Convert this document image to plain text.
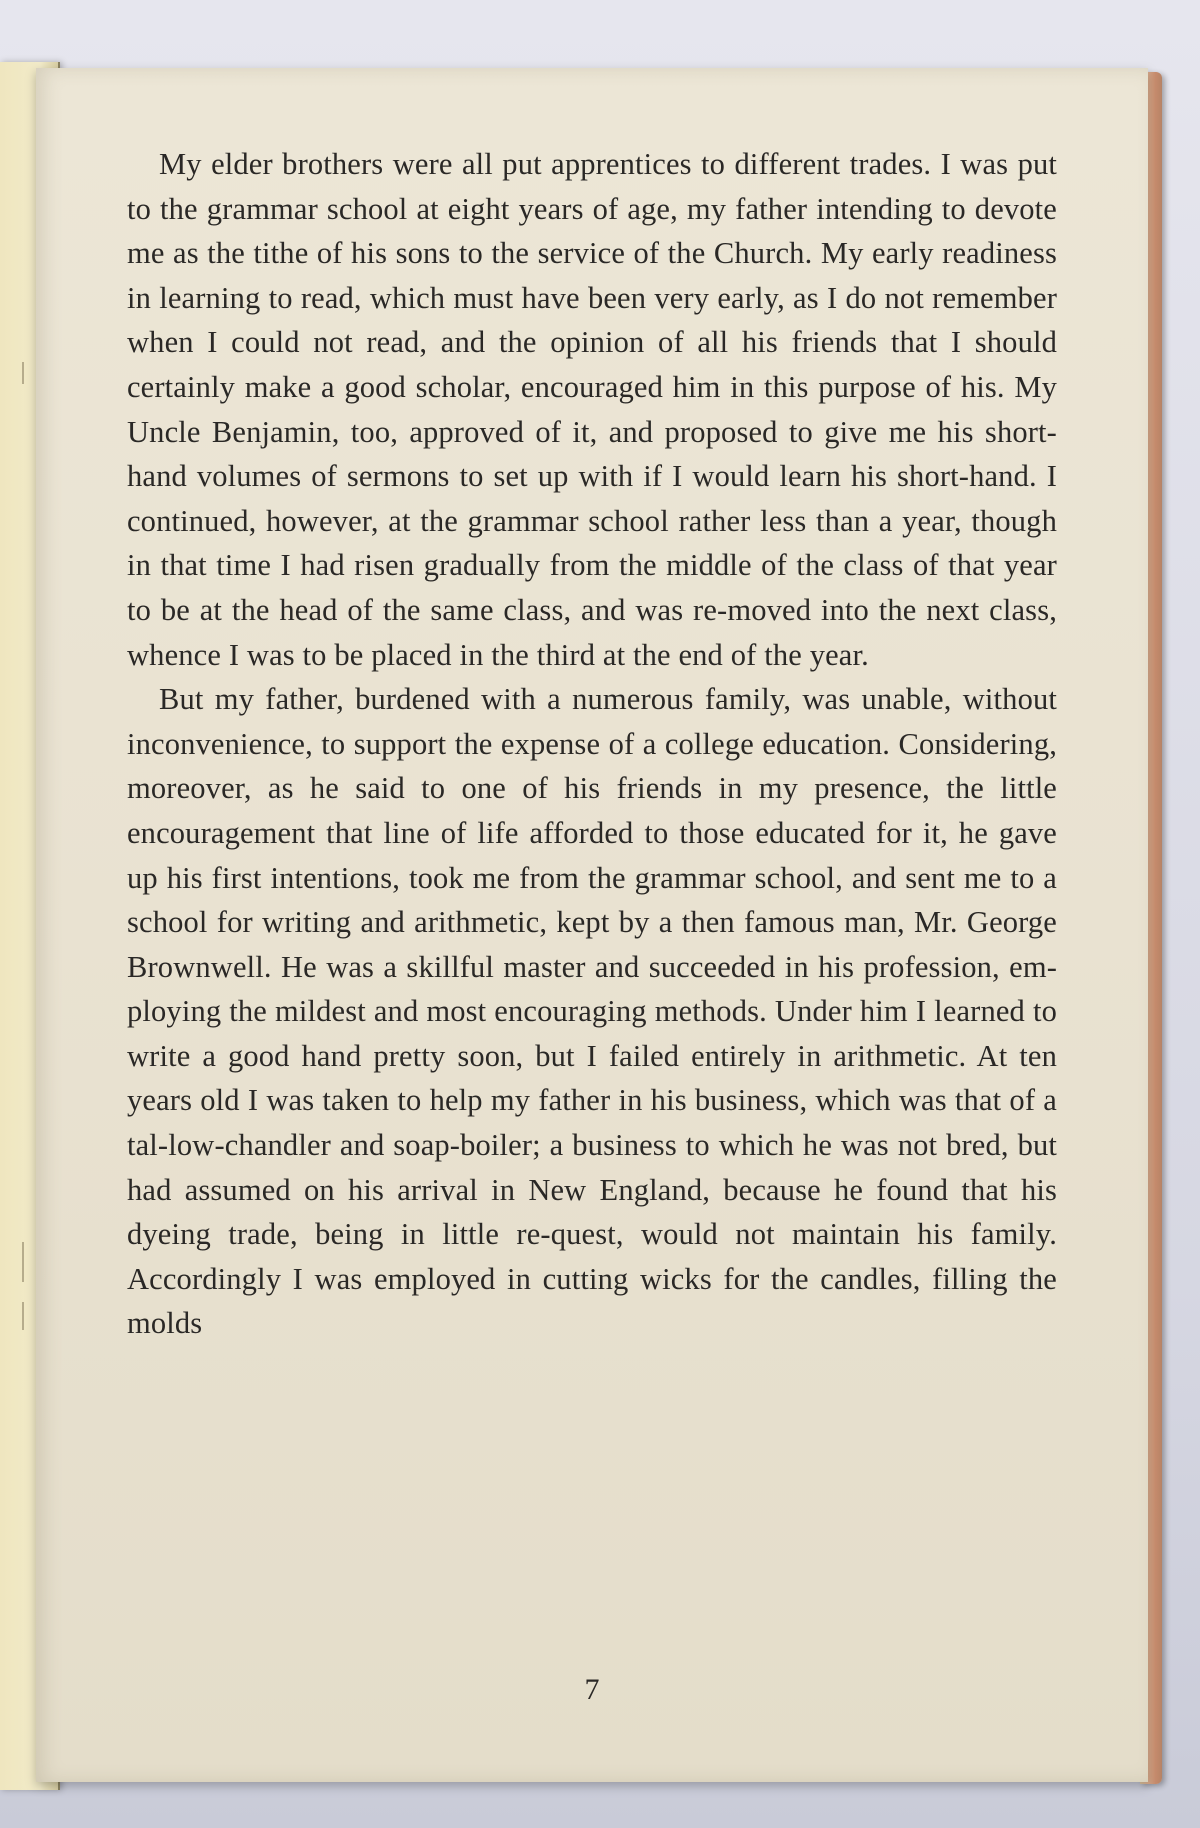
My elder brothers were all put apprentices to different trades. I was put to the grammar school at eight years of age, my father intending to devote me as the tithe of his sons to the service of the Church. My early readiness in learning to read, which must have been very early, as I do not remember when I could not read, and the opinion of all his friends that I should certainly make a good scholar, encouraged him in this purpose of his. My Uncle Benjamin, too, approved of it, and proposed to give me his short-hand volumes of sermons to set up with if I would learn his short-hand. I continued, however, at the grammar school rather less than a year, though in that time I had risen gradually from the middle of the class of that year to be at the head of the same class, and was re-moved into the next class, whence I was to be placed in the third at the end of the year.

But my father, burdened with a numerous family, was unable, without inconvenience, to support the expense of a college education. Considering, moreover, as he said to one of his friends in my presence, the little encouragement that line of life afforded to those educated for it, he gave up his first intentions, took me from the grammar school, and sent me to a school for writing and arithmetic, kept by a then famous man, Mr. George Brownwell. He was a skillful master and succeeded in his profession, em-ploying the mildest and most encouraging methods. Under him I learned to write a good hand pretty soon, but I failed entirely in arithmetic. At ten years old I was taken to help my father in his business, which was that of a tal-low-chandler and soap-boiler; a business to which he was not bred, but had assumed on his arrival in New England, because he found that his dyeing trade, being in little re-quest, would not maintain his family. Accordingly I was employed in cutting wicks for the candles, filling the molds

7
